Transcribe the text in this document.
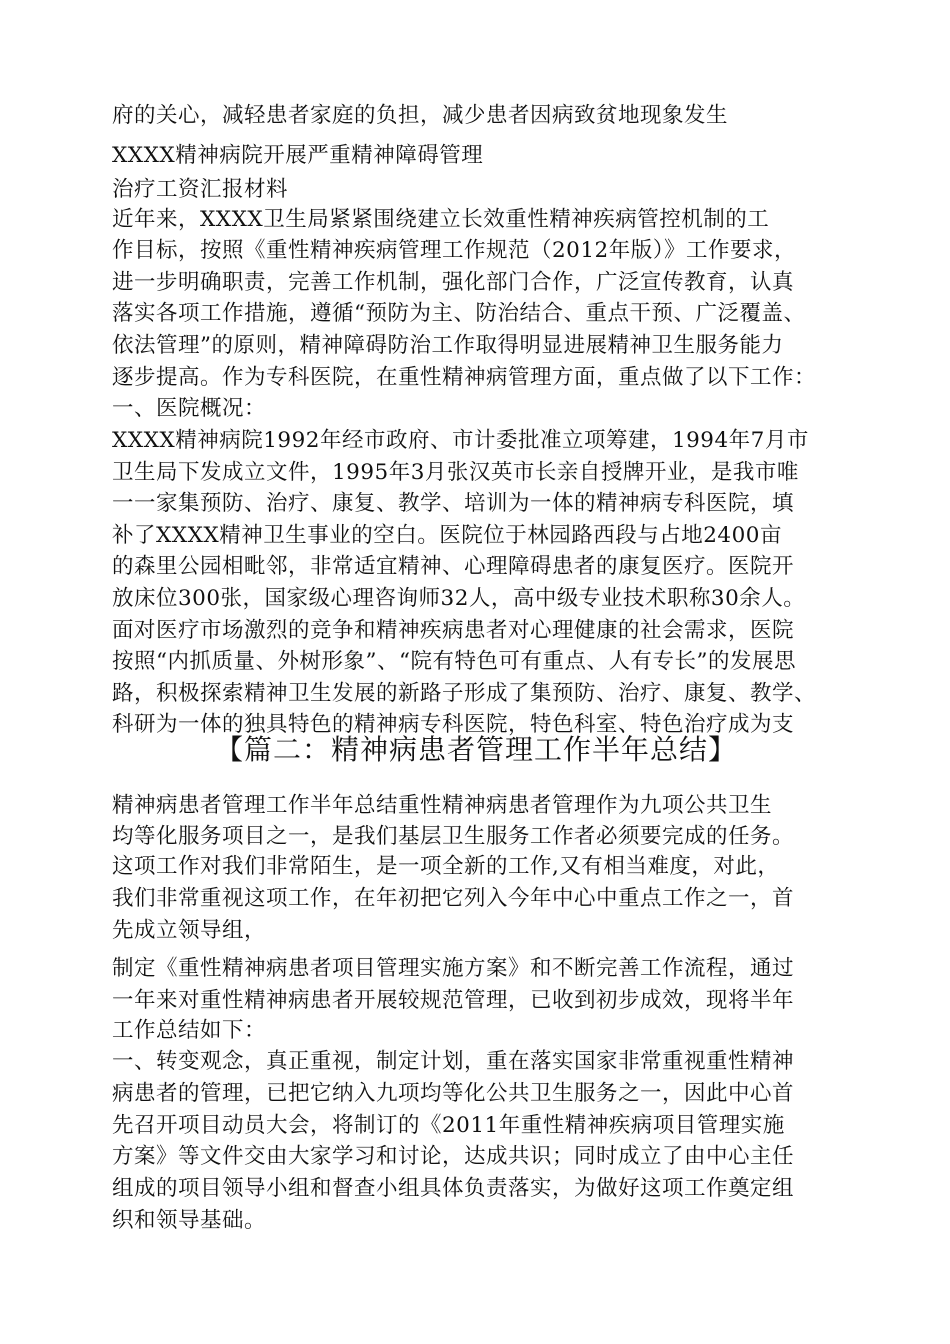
府的关心，减轻患者家庭的负担，减少患者因病致贫地现象发生
XXXX精神病院开展严重精神障碍管理
治疗工资汇报材料
近年来，XXXX卫生局紧紧围绕建立长效重性精神疾病管控机制的工
作目标，按照《重性精神疾病管理工作规范（2012年版）》工作要求，
进一步明确职责，完善工作机制，强化部门合作，广泛宣传教育，认真
落实各项工作措施，遵循“预防为主、防治结合、重点干预、广泛覆盖、
依法管理”的原则，精神障碍防治工作取得明显进展精神卫生服务能力
逐步提高。作为专科医院，在重性精神病管理方面，重点做了以下工作：
一、医院概况：
XXXX精神病院1992年经市政府、市计委批准立项筹建，1994年7月市
卫生局下发成立文件，1995年3月张汉英市长亲自授牌开业，是我市唯
一一家集预防、治疗、康复、教学、培训为一体的精神病专科医院，填
补了XXXX精神卫生事业的空白。医院位于林园路西段与占地2400亩
的森里公园相毗邻，非常适宜精神、心理障碍患者的康复医疗。医院开
放床位300张，国家级心理咨询师32人，高中级专业技术职称30余人。
面对医疗市场激烈的竞争和精神疾病患者对心理健康的社会需求，医院
按照“内抓质量、外树形象”、“院有特色可有重点、人有专长”的发展思
路，积极探索精神卫生发展的新路子形成了集预防、治疗、康复、教学、
科研为一体的独具特色的精神病专科医院，特色科室、特色治疗成为支
【篇二：精神病患者管理工作半年总结】
精神病患者管理工作半年总结重性精神病患者管理作为九项公共卫生
均等化服务项目之一，是我们基层卫生服务工作者必须要完成的任务。
这项工作对我们非常陌生，是一项全新的工作,又有相当难度，对此，
我们非常重视这项工作，在年初把它列入今年中心中重点工作之一，首
先成立领导组，
制定《重性精神病患者项目管理实施方案》和不断完善工作流程，通过
一年来对重性精神病患者开展较规范管理，已收到初步成效，现将半年
工作总结如下：
一、转变观念，真正重视，制定计划，重在落实国家非常重视重性精神
病患者的管理，已把它纳入九项均等化公共卫生服务之一，因此中心首
先召开项目动员大会，将制订的《2011年重性精神疾病项目管理实施
方案》等文件交由大家学习和讨论，达成共识；同时成立了由中心主任
组成的项目领导小组和督查小组具体负责落实，为做好这项工作奠定组
织和领导基础。
